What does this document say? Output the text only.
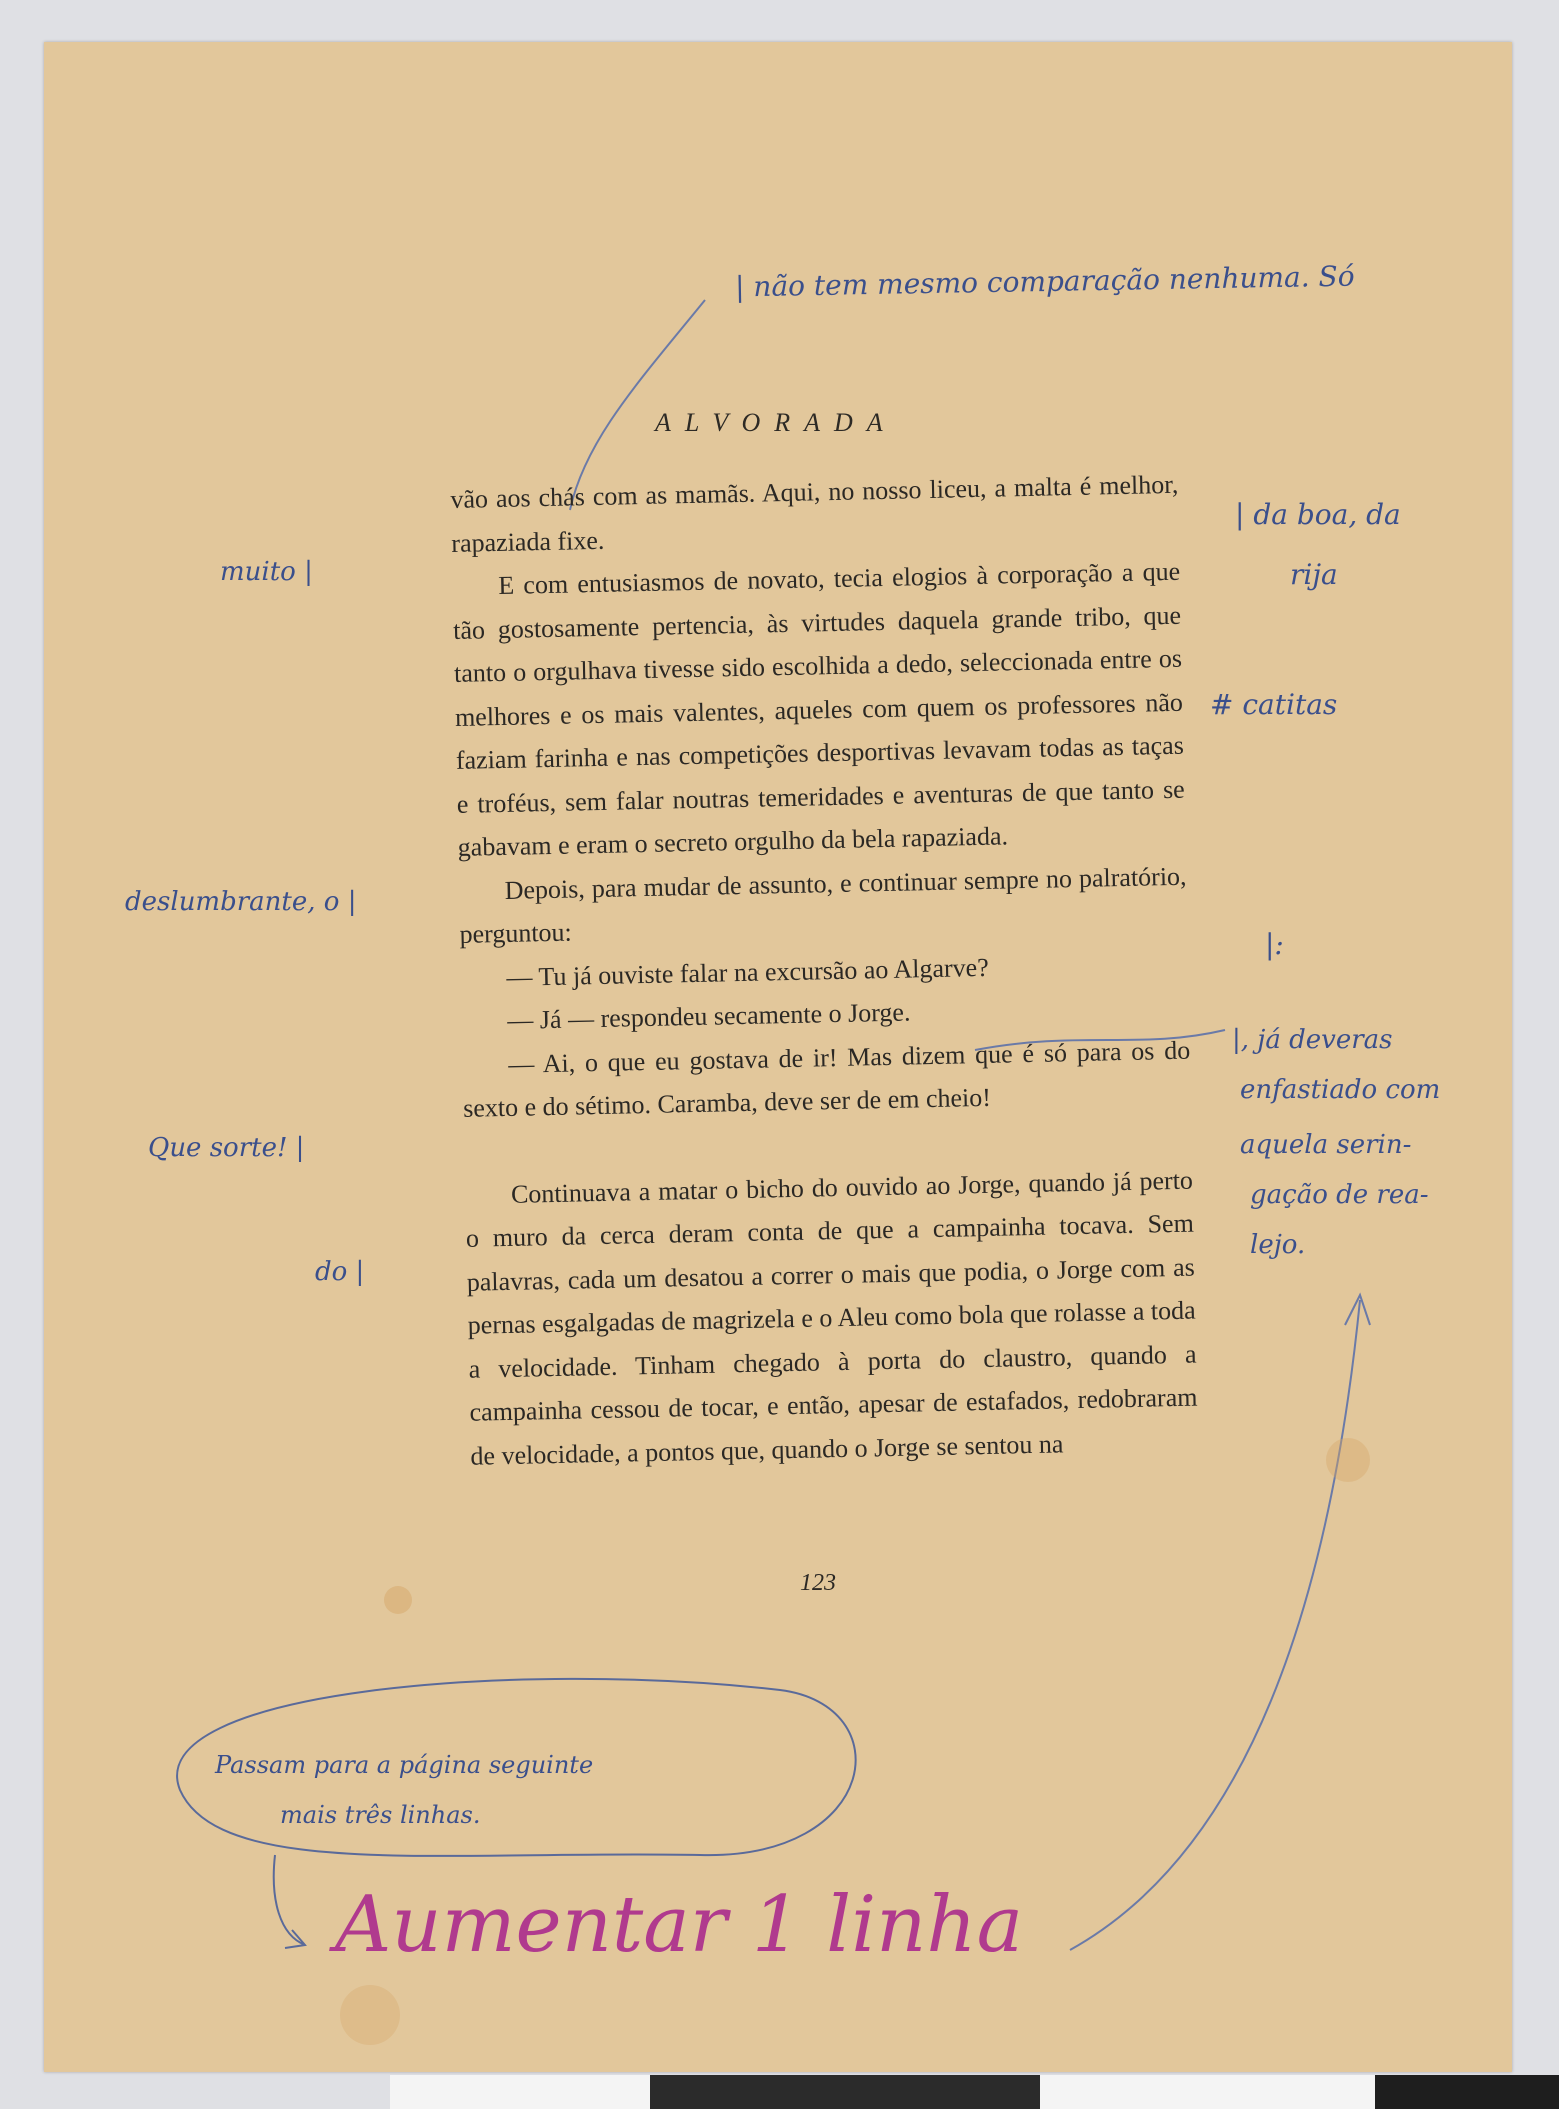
ALVORADA

vão aos chás com as mamãs. Aqui, no nosso liceu, a malta é melhor, rapaziada fixe.

E com entusiasmos de novato, tecia elogios à corporação a que tão gostosamente pertencia, às virtudes daquela grande tribo, que tanto o orgulhava tivesse sido escolhida a dedo, seleccionada entre os melhores e os mais valentes, aqueles com quem os professores não faziam farinha e nas competições desportivas levavam todas as taças e troféus, sem falar noutras temeridades e aventuras de que tanto se gabavam e eram o secreto orgulho da bela rapaziada.

Depois, para mudar de assunto, e continuar sempre no palratório, perguntou:

— Tu já ouviste falar na excursão ao Algarve?

— Já — respondeu secamente o Jorge.

— Ai, o que eu gostava de ir! Mas dizem que é só para os do sexto e do sétimo. Caramba, deve ser de em cheio!

Continuava a matar o bicho do ouvido ao Jorge, quando já perto o muro da cerca deram conta de que a campainha tocava. Sem palavras, cada um desatou a correr o mais que podia, o Jorge com as pernas esgalgadas de magrizela e o Aleu como bola que rolasse a toda a velocidade. Tinham chegado à porta do claustro, quando a campainha cessou de tocar, e então, apesar de estafados, redobraram de velocidade, a pontos que, quando o Jorge se sentou na

123
| não tem mesmo comparação nenhuma. Só
muito |
| da boa, da
rija
# catitas
deslumbrante, o |
|:
|, já deveras
enfastiado com
aquela serin-
gação de rea-
lejo.
Que sorte! |
do |
Passam para a página seguinte
mais três linhas.
Aumentar 1 linha
